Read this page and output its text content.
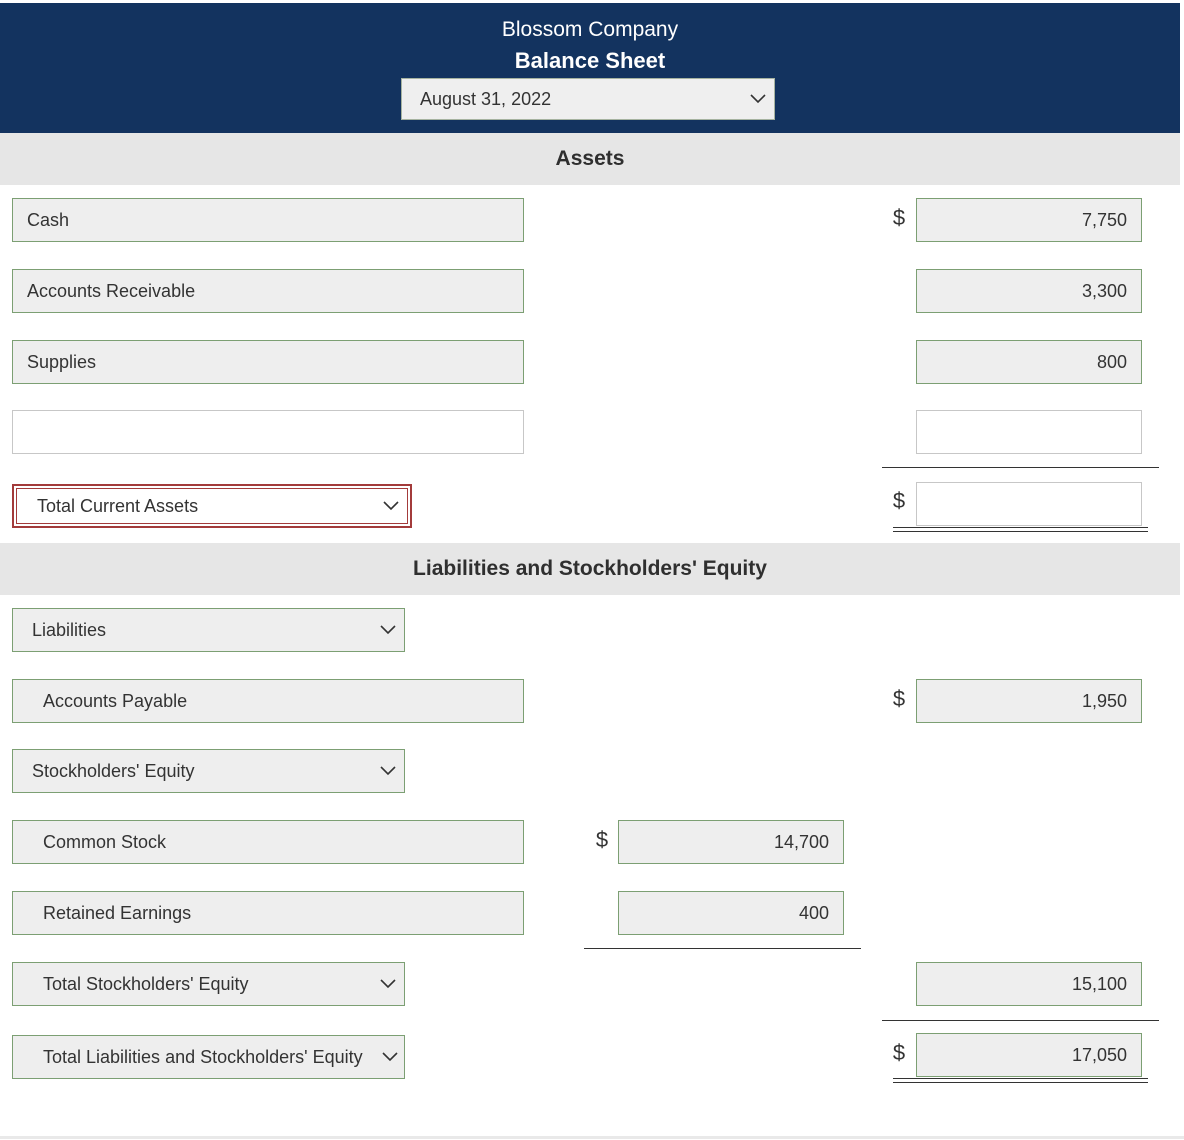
Blossom Company
Balance Sheet
August 31, 2022
Assets
Cash	$	7,750
Accounts Receivable	3,300
Supplies	800
Total Current Assets	$
Liabilities and Stockholders' Equity
Liabilities
Accounts Payable	$	1,950
Stockholders' Equity
Common Stock	$	14,700
Retained Earnings	400
Total Stockholders' Equity	15,100
Total Liabilities and Stockholders' Equity	$	17,050
